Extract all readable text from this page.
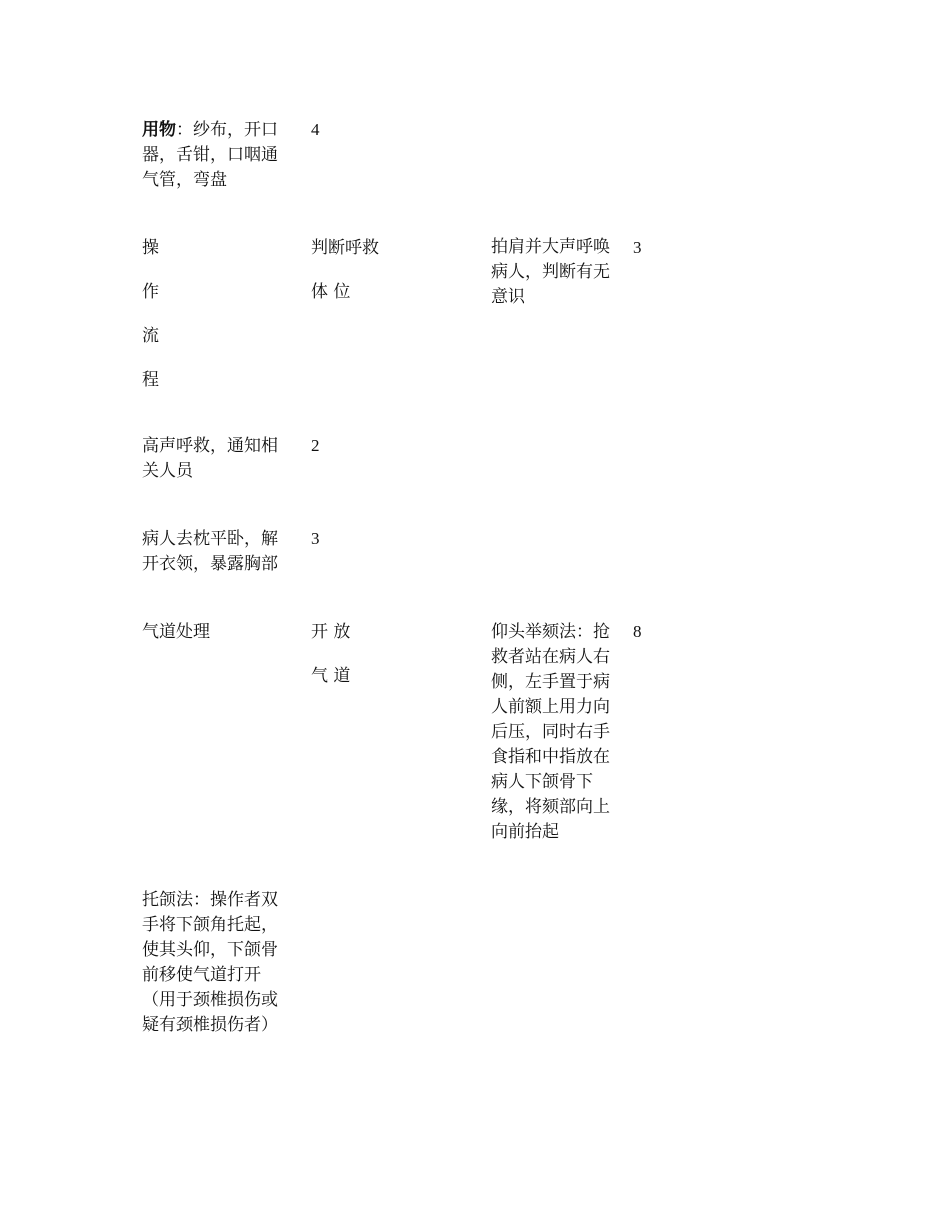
用物：纱布，开口器，舌钳，口咽通气管，弯盘
4
操
作
流
程
判断呼救
体 位
拍肩并大声呼唤病人，判断有无意识
3
高声呼救，通知相关人员
2
病人去枕平卧，解开衣领，暴露胸部
3
气道处理	开 放
气 道
仰头举颏法：抢救者站在病人右侧，左手置于病人前额上用力向后压，同时右手食指和中指放在病人下颌骨下缘，将颏部向上向前抬起
8
托颌法：操作者双手将下颌角托起，使其头仰，下颌骨前移使气道打开（用于颈椎损伤或疑有颈椎损伤者）
